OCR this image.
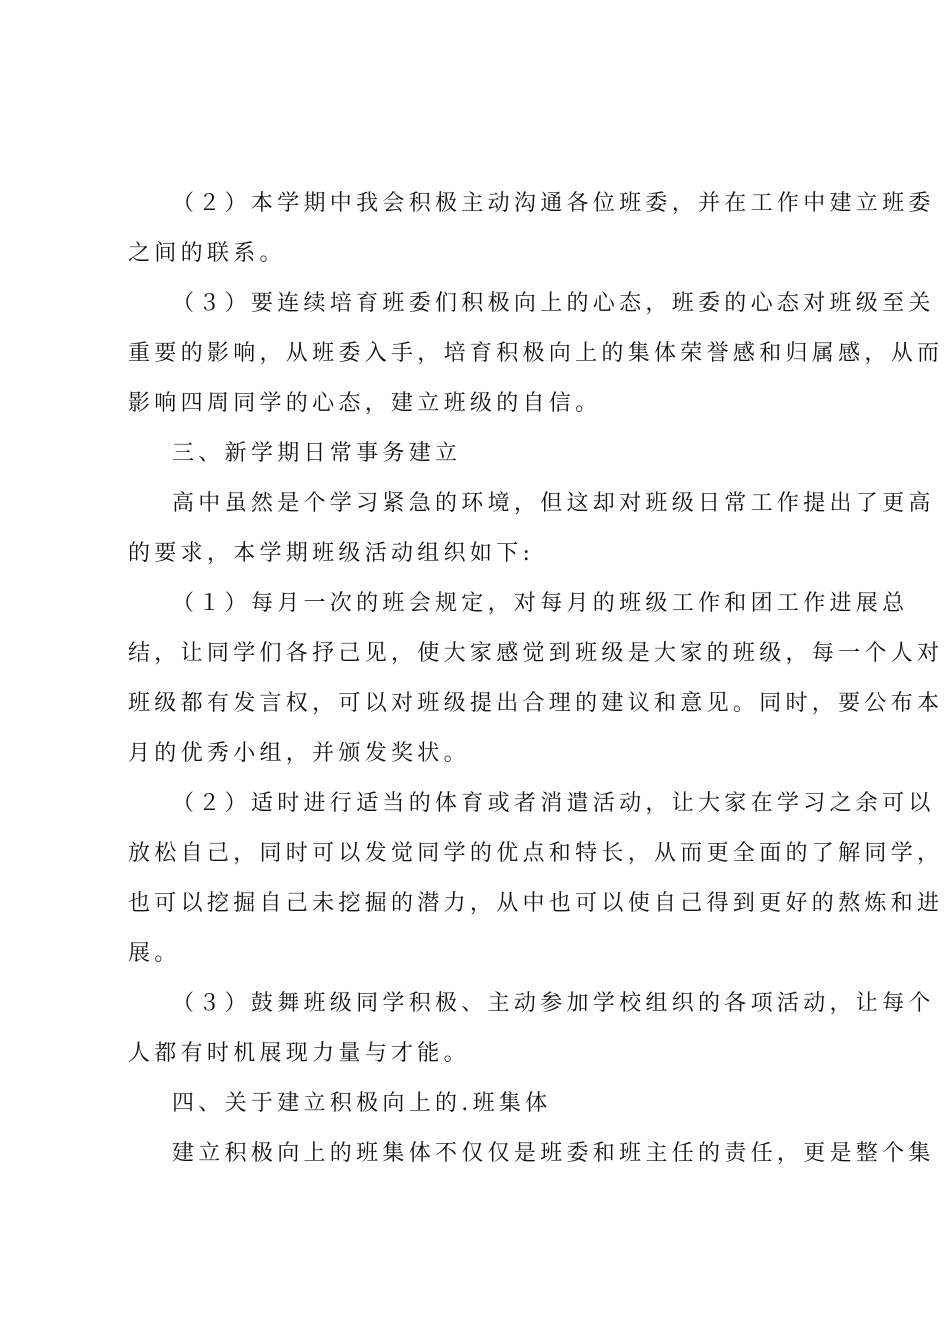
（２）本学期中我会积极主动沟通各位班委，并在工作中建立班委
之间的联系。
（３）要连续培育班委们积极向上的心态，班委的心态对班级至关
重要的影响，从班委入手，培育积极向上的集体荣誉感和归属感，从而
影响四周同学的心态，建立班级的自信。
三、新学期日常事务建立
高中虽然是个学习紧急的环境，但这却对班级日常工作提出了更高
的要求，本学期班级活动组织如下:
（１）每月一次的班会规定，对每月的班级工作和团工作进展总
结，让同学们各抒己见，使大家感觉到班级是大家的班级，每一个人对
班级都有发言权，可以对班级提出合理的建议和意见。同时，要公布本
月的优秀小组，并颁发奖状。
（２）适时进行适当的体育或者消遣活动，让大家在学习之余可以
放松自己，同时可以发觉同学的优点和特长，从而更全面的了解同学，
也可以挖掘自己未挖掘的潜力，从中也可以使自己得到更好的熬炼和进
展。
（３）鼓舞班级同学积极、主动参加学校组织的各项活动，让每个
人都有时机展现力量与才能。
四、关于建立积极向上的.班集体
建立积极向上的班集体不仅仅是班委和班主任的责任，更是整个集
